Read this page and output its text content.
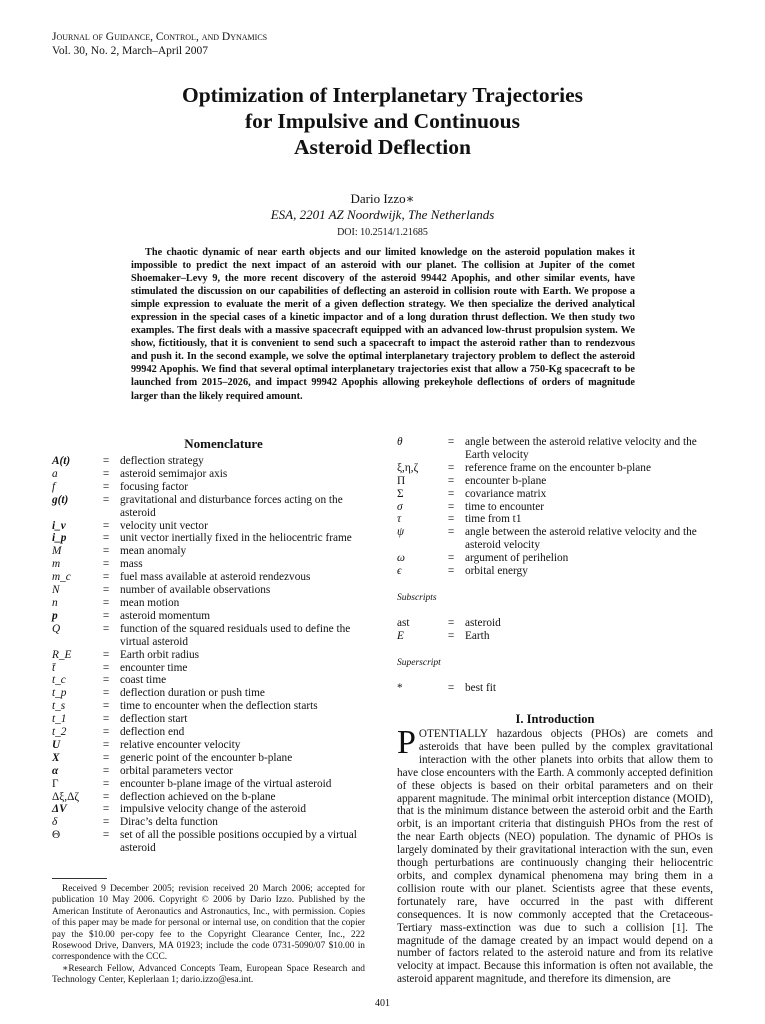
Journal of Guidance, Control, and Dynamics
Vol. 30, No. 2, March–April 2007
Optimization of Interplanetary Trajectories
for Impulsive and Continuous
Asteroid Deflection
Dario Izzo∗
ESA, 2201 AZ Noordwijk, The Netherlands
DOI: 10.2514/1.21685
The chaotic dynamic of near earth objects and our limited knowledge on the asteroid population makes it impossible to predict the next impact of an asteroid with our planet. The collision at Jupiter of the comet Shoemaker–Levy 9, the more recent discovery of the asteroid 99442 Apophis, and other similar events, have stimulated the discussion on our capabilities of deflecting an asteroid in collision route with Earth. We propose a simple expression to evaluate the merit of a given deflection strategy. We then specialize the derived analytical expression in the special cases of a kinetic impactor and of a long duration thrust deflection. We then study two examples. The first deals with a massive spacecraft equipped with an advanced low-thrust propulsion system. We show, fictitiously, that it is convenient to send such a spacecraft to impact the asteroid rather than to rendezvous and push it. In the second example, we solve the optimal interplanetary trajectory problem to deflect the asteroid 99942 Apophis. We find that several optimal interplanetary trajectories exist that allow a 750-Kg spacecraft to be launched from 2015–2026, and impact 99942 Apophis allowing prekeyhole deflections of orders of magnitude larger than the likely required amount.
Nomenclature
A(t)	= deflection strategy
a	= asteroid semimajor axis
f	= focusing factor
g(t)	= gravitational and disturbance forces acting on the asteroid
i_v	= velocity unit vector
i_p	= unit vector inertially fixed in the heliocentric frame
M	= mean anomaly
m	= mass
m_c	= fuel mass available at asteroid rendezvous
N	= number of available observations
n	= mean motion
p	= asteroid momentum
Q	= function of the squared residuals used to define the virtual asteroid
R_E	= Earth orbit radius
t̄	= encounter time
t_c	= coast time
t_p	= deflection duration or push time
t_s	= time to encounter when the deflection starts
t_1	= deflection start
t_2	= deflection end
U	= relative encounter velocity
X	= generic point of the encounter b-plane
α	= orbital parameters vector
Γ	= encounter b-plane image of the virtual asteroid
Δξ,Δζ	= deflection achieved on the b-plane
ΔV	= impulsive velocity change of the asteroid
δ	= Dirac’s delta function
Θ	= set of all the possible positions occupied by a virtual asteroid
θ	= angle between the asteroid relative velocity and the Earth velocity
ξ,η,ζ	= reference frame on the encounter b-plane
Π	= encounter b-plane
Σ	= covariance matrix
σ	= time to encounter
τ	= time from t1
ψ	= angle between the asteroid relative velocity and the asteroid velocity
ω	= argument of perihelion
ϵ	= orbital energy
Subscripts
ast	= asteroid
E	= Earth
Superscript
*	= best fit
I. Introduction
POTENTIALLY hazardous objects (PHOs) are comets and asteroids that have been pulled by the complex gravitational interaction with the other planets into orbits that allow them to have close encounters with the Earth. A commonly accepted definition of these objects is based on their orbital parameters and on their apparent magnitude. The minimal orbit interception distance (MOID), that is the minimum distance between the asteroid orbit and the Earth orbit, is an important criteria that distinguish PHOs from the rest of the near Earth objects (NEO) population. The dynamic of PHOs is largely dominated by their gravitational interaction with the sun, even though perturbations are continuously changing their heliocentric orbits, and complex dynamical phenomena may bring them in a collision route with our planet. Scientists agree that these events, fortunately rare, have occurred in the past with different consequences. It is now commonly accepted that the Cretaceous-Tertiary mass-extinction was due to such a collision [1]. The magnitude of the damage created by an impact would depend on a number of factors related to the asteroid nature and from its relative velocity at impact. Because this information is often not available, the asteroid apparent magnitude, and therefore its dimension, are

Received 9 December 2005; revision received 20 March 2006; accepted for publication 10 May 2006. Copyright © 2006 by Dario Izzo. Published by the American Institute of Aeronautics and Astronautics, Inc., with permission. Copies of this paper may be made for personal or internal use, on condition that the copier pay the $10.00 per-copy fee to the Copyright Clearance Center, Inc., 222 Rosewood Drive, Danvers, MA 01923; include the code 0731-5090/07 $10.00 in correspondence with the CCC.

∗Research Fellow, Advanced Concepts Team, European Space Research and Technology Center, Keplerlaan 1; dario.izzo@esa.int.

401
